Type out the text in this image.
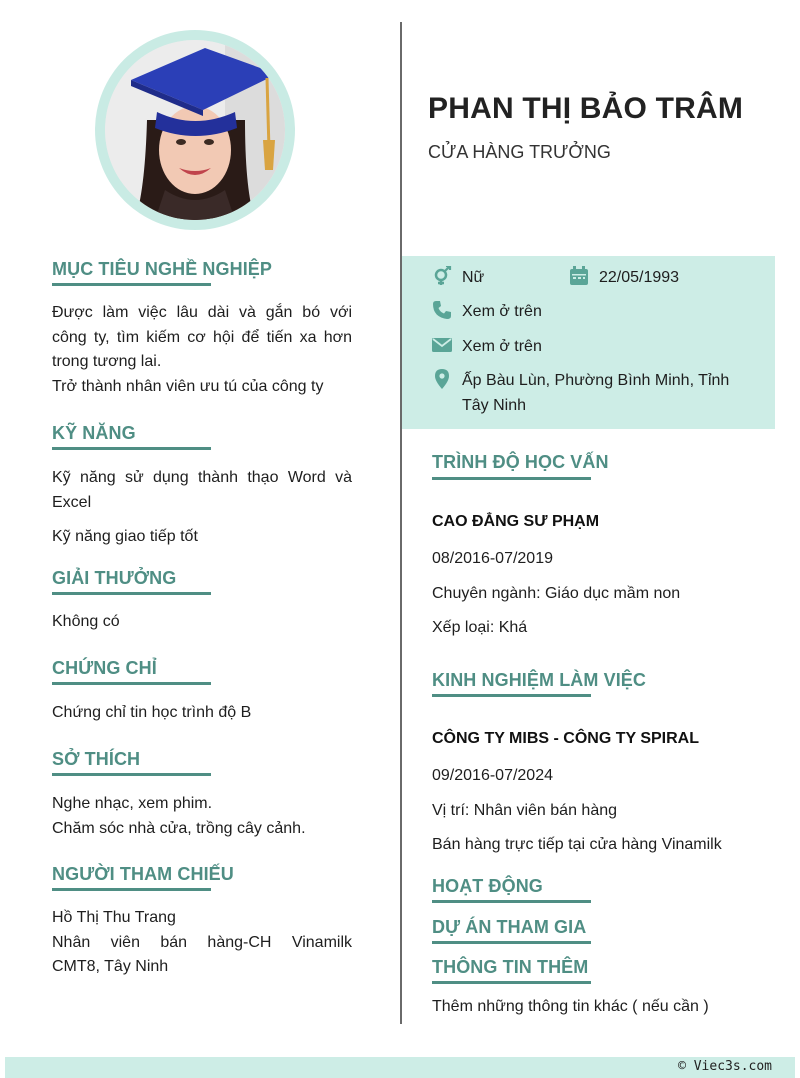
PHAN THỊ BẢO TRÂM
CỬA HÀNG TRƯỞNG
Nữ	22/05/1993
Xem ở trên
Xem ở trên
Ấp Bàu Lùn, Phường Bình Minh, Tỉnh
Tây Ninh
MỤC TIÊU NGHỀ NGHIỆP
Được làm việc lâu dài và gắn bó với
công ty, tìm kiếm cơ hội để tiến xa hơn
trong tương lai.
Trở thành nhân viên ưu tú của công ty
KỸ NĂNG
Kỹ năng sử dụng thành thạo Word và
Excel
Kỹ năng giao tiếp tốt
GIẢI THƯỞNG
Không có
CHỨNG CHỈ
Chứng chỉ tin học trình độ B
SỞ THÍCH
Nghe nhạc, xem phim.
Chăm sóc nhà cửa, trồng cây cảnh.
NGƯỜI THAM CHIẾU
Hồ Thị Thu Trang
Nhân viên bán hàng-CH Vinamilk
CMT8, Tây Ninh
TRÌNH ĐỘ HỌC VẤN
CAO ĐẲNG SƯ PHẠM
08/2016-07/2019
Chuyên ngành: Giáo dục mầm non
Xếp loại: Khá
KINH NGHIỆM LÀM VIỆC
CÔNG TY MIBS - CÔNG TY SPIRAL
09/2016-07/2024
Vị trí: Nhân viên bán hàng
Bán hàng trực tiếp tại cửa hàng Vinamilk
HOẠT ĐỘNG
DỰ ÁN THAM GIA
THÔNG TIN THÊM
Thêm những thông tin khác ( nếu cần )
© Viec3s.com
